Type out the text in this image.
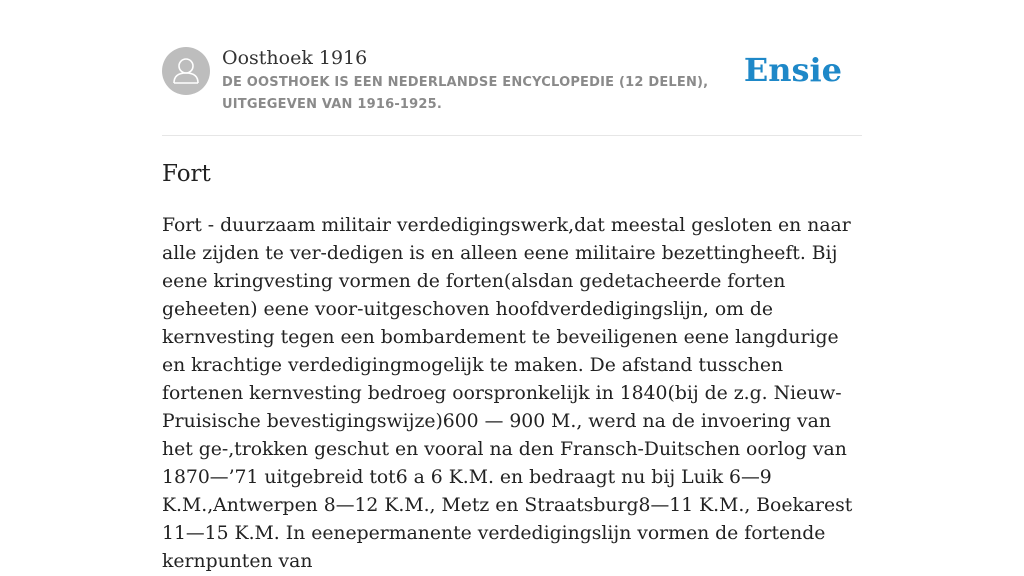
Oosthoek 1916

DE OOSTHOEK IS EEN NEDERLANDSE ENCYCLOPEDIE (12 DELEN), UITGEGEVEN VAN 1916-1925.

Ensie
Fort

Fort - duurzaam militair verdedigingswerk,dat meestal gesloten en naar alle zijden te ver-dedigen is en alleen eene militaire bezettingheeft. Bij eene kringvesting vormen de forten(alsdan gedetacheerde forten geheeten) eene voor-uitgeschoven hoofdverdedigingslijn, om de kernvesting tegen een bombardement te beveiligenen eene langdurige en krachtige verdedigingmogelijk te maken. De afstand tusschen fortenen kernvesting bedroeg oorspronkelijk in 1840(bij de z.g. Nieuw-Pruisische bevestigingswijze)600 — 900 M., werd na de invoering van het ge-,trokken geschut en vooral na den Fransch-Duitschen oorlog van 1870—’71 uitgebreid tot6 a 6 K.M. en bedraagt nu bij Luik 6—9 K.M.,Antwerpen 8—12 K.M., Metz en Straatsburg8—11 K.M., Boekarest 11—15 K.M. In eenepermanente verdedigingslijn vormen de fortende kernpunten van
